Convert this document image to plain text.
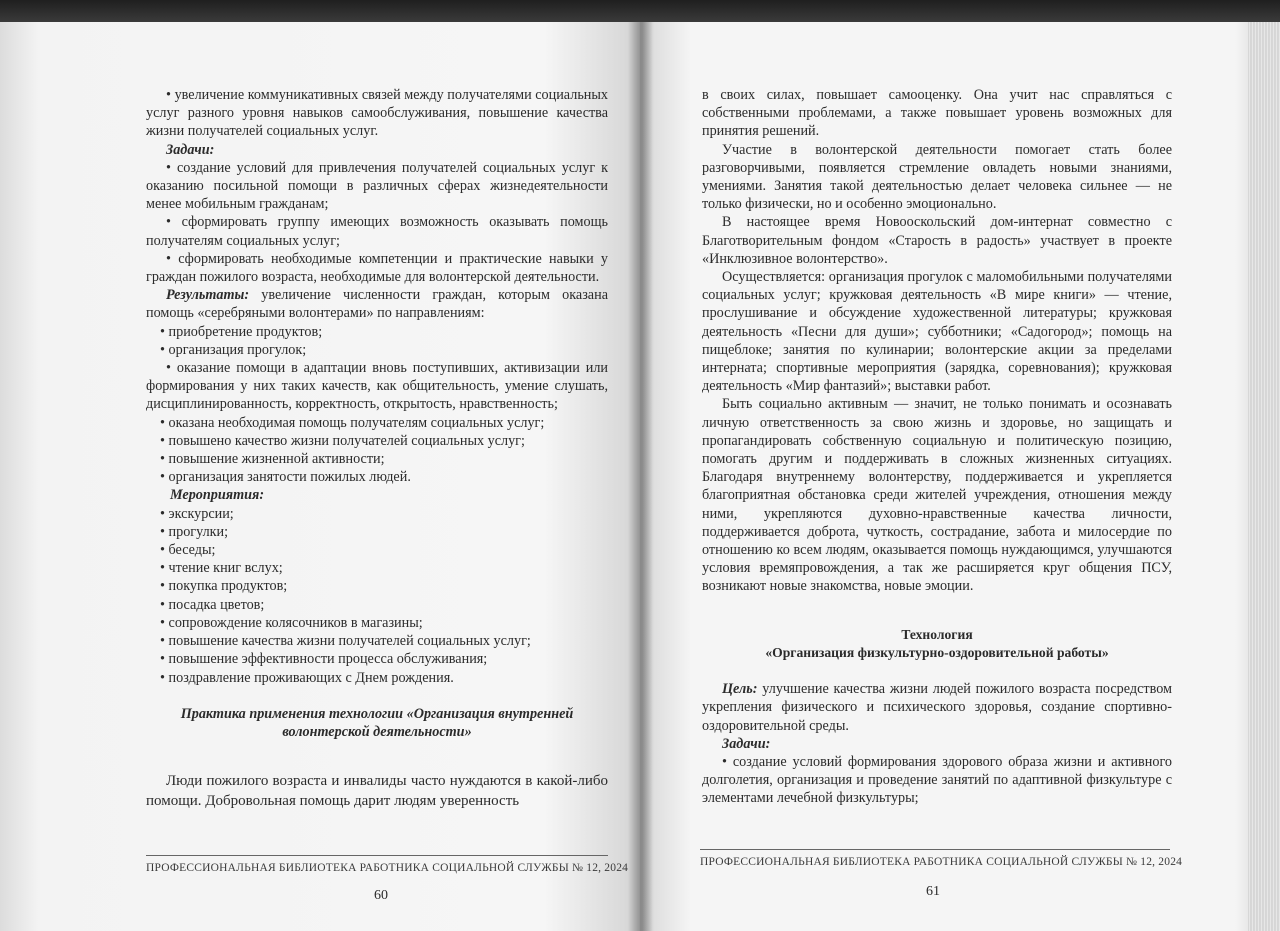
• увеличение коммуникативных связей между получателями социальных услуг разного уровня навыков самообслуживания, повышение качества жизни получателей социальных услуг.

Задачи:

• создание условий для привлечения получателей социальных услуг к оказанию посильной помощи в различных сферах жизнедеятельности менее мобильным гражданам;

• сформировать группу имеющих возможность оказывать помощь получателям социальных услуг;

• сформировать необходимые компетенции и практические навыки у граждан пожилого возраста, необходимые для волонтерской деятельности.

Результаты: увеличение численности граждан, которым оказана помощь «серебряными волонтерами» по направлениям:

• приобретение продуктов;

• организация прогулок;

• оказание помощи в адаптации вновь поступивших, активизации или формирования у них таких качеств, как общительность, умение слушать, дисциплинированность, корректность, открытость, нравственность;

• оказана необходимая помощь получателям социальных услуг;

• повышено качество жизни получателей социальных услуг;

• повышение жизненной активности;

• организация занятости пожилых людей.

Мероприятия:

• экскурсии;

• прогулки;

• беседы;

• чтение книг вслух;

• покупка продуктов;

• посадка цветов;

• сопровождение колясочников в магазины;

• повышение качества жизни получателей социальных услуг;

• повышение эффективности процесса обслуживания;

• поздравление проживающих с Днем рождения.

Практика применения технологии «Организация внутренней

волонтерской деятельности»

Люди пожилого возраста и инвалиды часто нуждаются в какой-либо помощи. Добровольная помощь дарит людям уверенность

ПРОФЕССИОНАЛЬНАЯ БИБЛИОТЕКА РАБОТНИКА СОЦИАЛЬНОЙ СЛУЖБЫ № 12, 2024
60

в своих силах, повышает самооценку. Она учит нас справляться с собственными проблемами, а также повышает уровень возможных для принятия решений.

Участие в волонтерской деятельности помогает стать более разговорчивыми, появляется стремление овладеть новыми знаниями, умениями. Занятия такой деятельностью делает человека сильнее — не только физически, но и особенно эмоционально.

В настоящее время Новооскольский дом-интернат совместно с Благотворительным фондом «Старость в радость» участвует в проекте «Инклюзивное волонтерство».

Осуществляется: организация прогулок с маломобильными получателями социальных услуг; кружковая деятельность «В мире книги» — чтение, прослушивание и обсуждение художественной литературы; кружковая деятельность «Песни для души»; субботники; «Садогород»; помощь на пищеблоке; занятия по кулинарии; волонтерские акции за пределами интерната; спортивные мероприятия (зарядка, соревнования); кружковая деятельность «Мир фантазий»; выставки работ.

Быть социально активным — значит, не только понимать и осознавать личную ответственность за свою жизнь и здоровье, но защищать и пропагандировать собственную социальную и политическую позицию, помогать другим и поддерживать в сложных жизненных ситуациях. Благодаря внутреннему волонтерству, поддерживается и укрепляется благоприятная обстановка среди жителей учреждения, отношения между ними, укрепляются духовно-нравственные качества личности, поддерживается доброта, чуткость, сострадание, забота и милосердие по отношению ко всем людям, оказывается помощь нуждающимся, улучшаются условия времяпровождения, а так же расширяется круг общения ПСУ, возникают новые знакомства, новые эмоции.

Технология

«Организация физкультурно-оздоровительной работы»

Цель: улучшение качества жизни людей пожилого возраста посредством укрепления физического и психического здоровья, создание спортивно-оздоровительной среды.

Задачи:

• создание условий формирования здорового образа жизни и активного долголетия, организация и проведение занятий по адаптивной физкультуре с элементами лечебной физкультуры;

ПРОФЕССИОНАЛЬНАЯ БИБЛИОТЕКА РАБОТНИКА СОЦИАЛЬНОЙ СЛУЖБЫ № 12, 2024
61
